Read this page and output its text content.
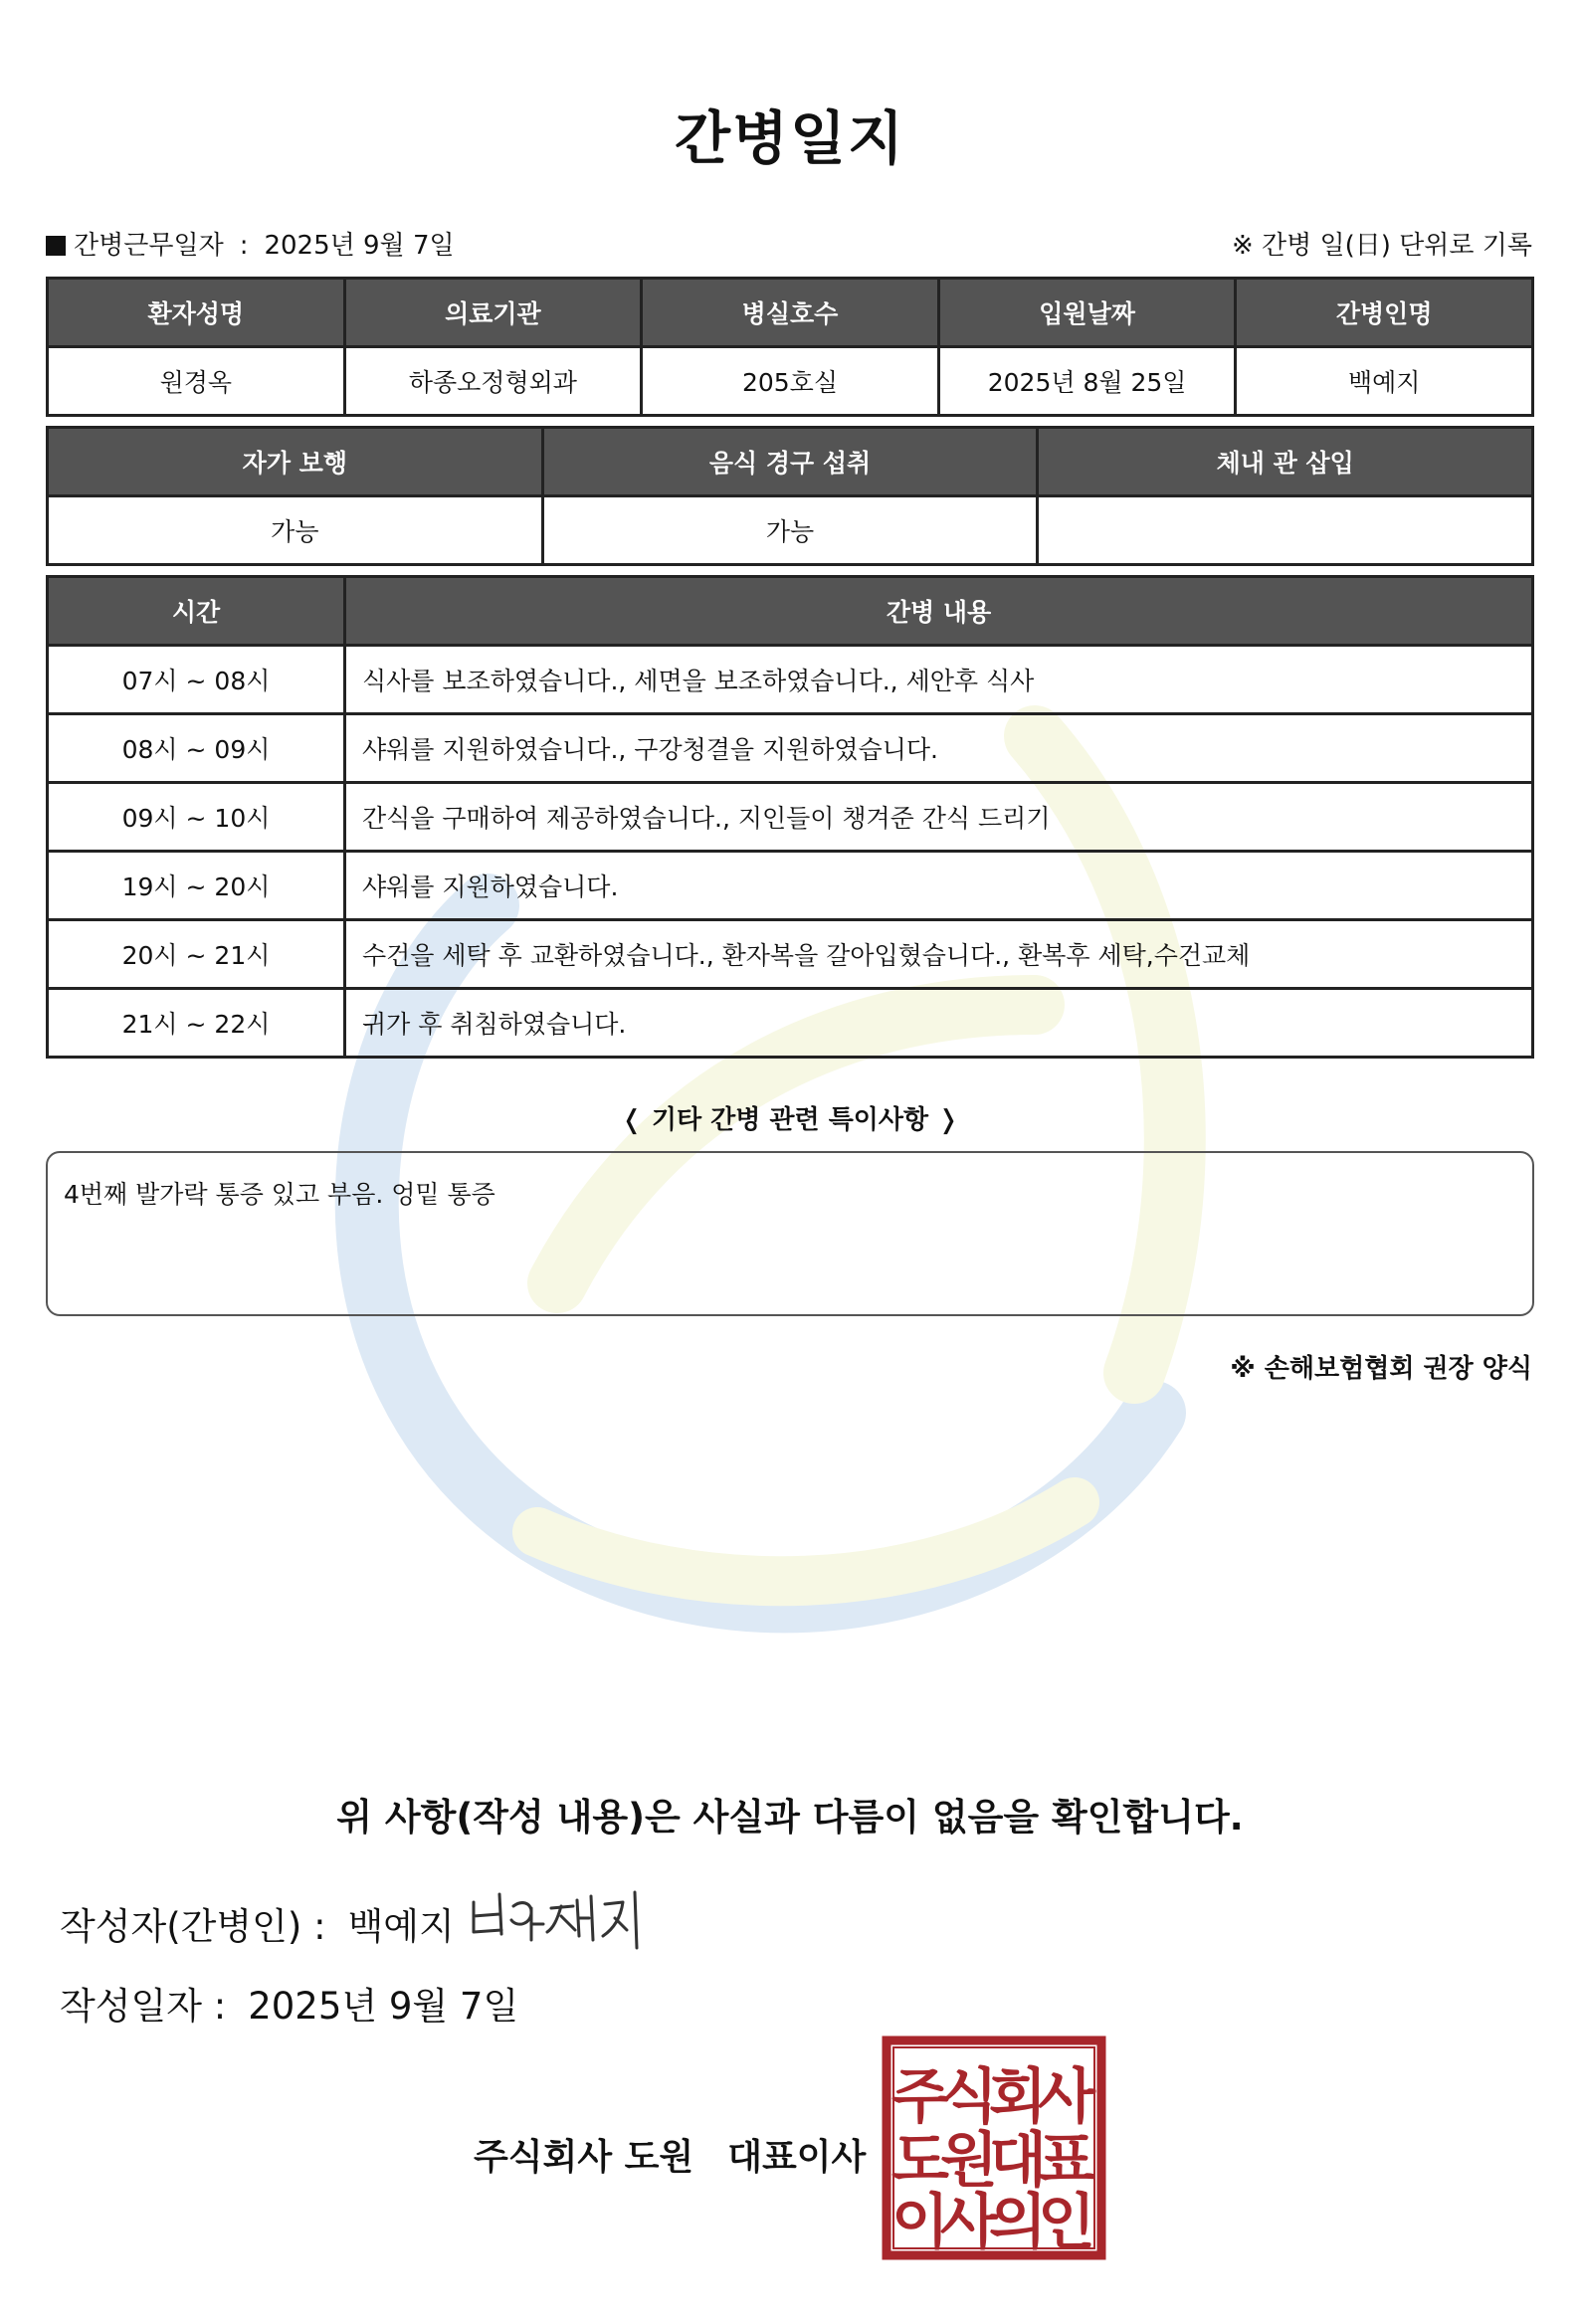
간병일지
간병근무일자 : 2025년 9월 7일	※ 간병 일(日) 단위로 기록
환자성명	의료기관	병실호수	입원날짜	간병인명
원경옥	하종오정형외과	205호실	2025년 8월 25일	백예지
자가 보행	음식 경구 섭취	체내 관 삽입
가능	가능	
시간	간병 내용
07시 ~ 08시	식사를 보조하였습니다., 세면을 보조하였습니다., 세안후 식사
08시 ~ 09시	샤워를 지원하였습니다., 구강청결을 지원하였습니다.
09시 ~ 10시	간식을 구매하여 제공하였습니다., 지인들이 챙겨준 간식 드리기
19시 ~ 20시	샤워를 지원하였습니다.
20시 ~ 21시	수건을 세탁 후 교환하였습니다., 환자복을 갈아입혔습니다., 환복후 세탁,수건교체
21시 ~ 22시	귀가 후 취침하였습니다.
❬ 기타 간병 관련 특이사항 ❭
4번째 발가락 통증 있고 부음. 엉밑 통증
※ 손해보험협회 권장 양식
위 사항(작성 내용)은 사실과 다름이 없음을 확인합니다.
작성자(간병인) : 백예지
작성일자 : 2025년 9월 7일
주식회사 도원 대표이사
주
식
회
사
도
원
대
표
이
사
의
인
